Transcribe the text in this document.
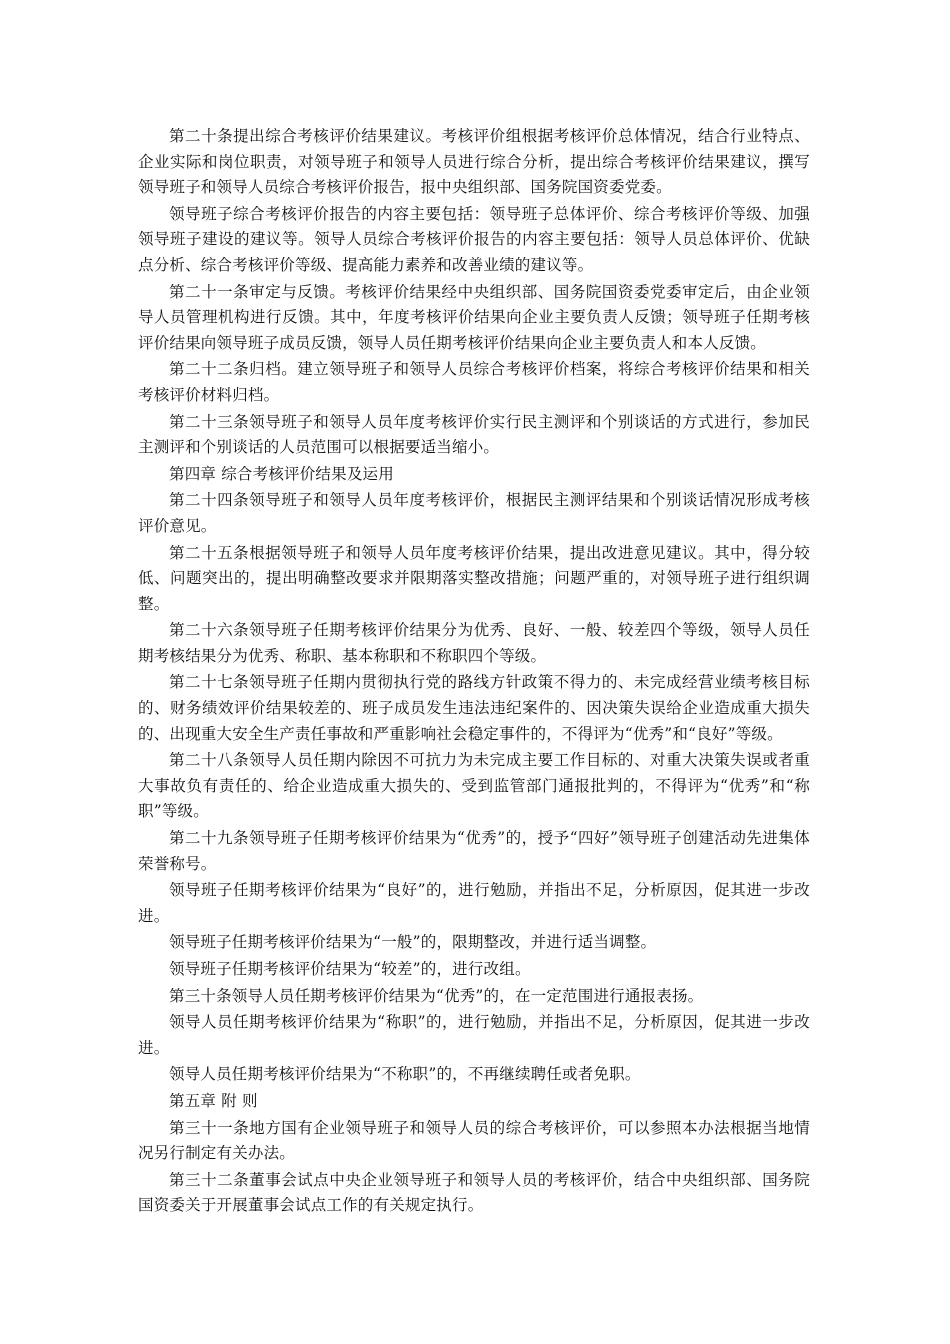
第二十条提出综合考核评价结果建议。考核评价组根据考核评价总体情况，结合行业特点、企业实际和岗位职责，对领导班子和领导人员进行综合分析，提出综合考核评价结果建议，撰写领导班子和领导人员综合考核评价报告，报中央组织部、国务院国资委党委。

领导班子综合考核评价报告的内容主要包括：领导班子总体评价、综合考核评价等级、加强领导班子建设的建议等。领导人员综合考核评价报告的内容主要包括：领导人员总体评价、优缺点分析、综合考核评价等级、提高能力素养和改善业绩的建议等。

第二十一条审定与反馈。考核评价结果经中央组织部、国务院国资委党委审定后，由企业领导人员管理机构进行反馈。其中，年度考核评价结果向企业主要负责人反馈；领导班子任期考核评价结果向领导班子成员反馈，领导人员任期考核评价结果向企业主要负责人和本人反馈。

第二十二条归档。建立领导班子和领导人员综合考核评价档案，将综合考核评价结果和相关考核评价材料归档。

第二十三条领导班子和领导人员年度考核评价实行民主测评和个别谈话的方式进行，参加民主测评和个别谈话的人员范围可以根据要适当缩小。

第四章 综合考核评价结果及运用

第二十四条领导班子和领导人员年度考核评价，根据民主测评结果和个别谈话情况形成考核评价意见。

第二十五条根据领导班子和领导人员年度考核评价结果，提出改进意见建议。其中，得分较低、问题突出的，提出明确整改要求并限期落实整改措施；问题严重的，对领导班子进行组织调整。

第二十六条领导班子任期考核评价结果分为优秀、良好、一般、较差四个等级，领导人员任期考核结果分为优秀、称职、基本称职和不称职四个等级。

第二十七条领导班子任期内贯彻执行党的路线方针政策不得力的、未完成经营业绩考核目标的、财务绩效评价结果较差的、班子成员发生违法违纪案件的、因决策失误给企业造成重大损失的、出现重大安全生产责任事故和严重影响社会稳定事件的，不得评为“优秀”和“良好”等级。

第二十八条领导人员任期内除因不可抗力为未完成主要工作目标的、对重大决策失误或者重大事故负有责任的、给企业造成重大损失的、受到监管部门通报批判的，不得评为“优秀”和“称职”等级。

第二十九条领导班子任期考核评价结果为“优秀”的，授予“四好”领导班子创建活动先进集体荣誉称号。

领导班子任期考核评价结果为“良好”的，进行勉励，并指出不足，分析原因，促其进一步改进。

领导班子任期考核评价结果为“一般”的，限期整改，并进行适当调整。

领导班子任期考核评价结果为“较差”的，进行改组。

第三十条领导人员任期考核评价结果为“优秀”的，在一定范围进行通报表扬。

领导人员任期考核评价结果为“称职”的，进行勉励，并指出不足，分析原因，促其进一步改进。

领导人员任期考核评价结果为“不称职”的，不再继续聘任或者免职。

第五章 附 则

第三十一条地方国有企业领导班子和领导人员的综合考核评价，可以参照本办法根据当地情况另行制定有关办法。

第三十二条董事会试点中央企业领导班子和领导人员的考核评价，结合中央组织部、国务院国资委关于开展董事会试点工作的有关规定执行。
